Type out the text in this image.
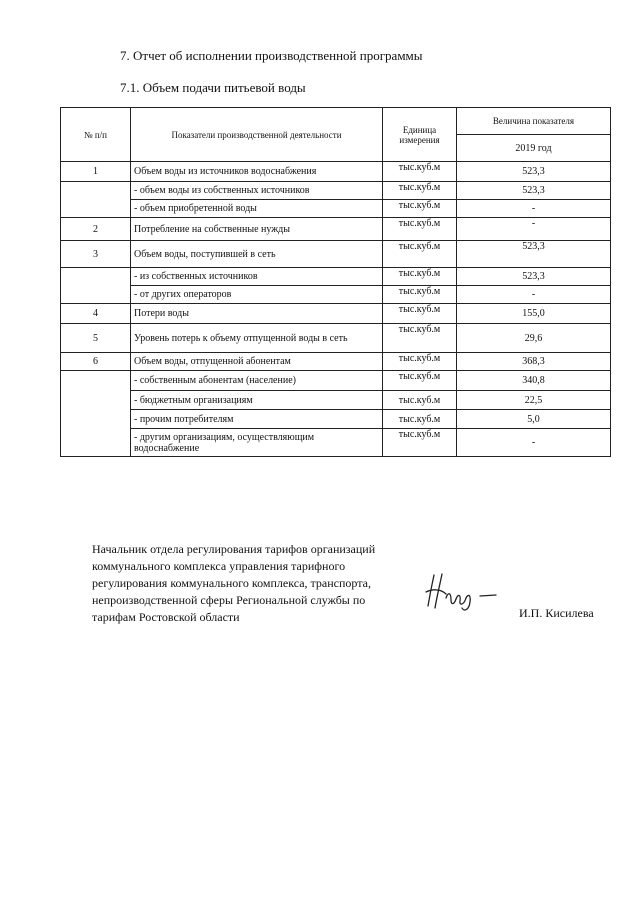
7. Отчет об исполнении производственной программы
7.1. Объем подачи питьевой воды
№ п/п	Показатели производственной деятельности	Единица измерения	Величина показателя
			2019 год
1	Объем воды из источников водоснабжения	тыс.куб.м	523,3
	- объем воды из собственных источников	тыс.куб.м	523,3
	- объем приобретенной воды	тыс.куб.м	-
2	Потребление на собственные нужды	тыс.куб.м	-
3	Объем воды, поступившей в сеть	тыс.куб.м	523,3
	- из собственных источников	тыс.куб.м	523,3
	- от других операторов	тыс.куб.м	-
4	Потери воды	тыс.куб.м	155,0
5	Уровень потерь к объему отпущенной воды в сеть	тыс.куб.м	29,6
6	Объем воды, отпущенной абонентам	тыс.куб.м	368,3
	- собственным абонентам (население)	тыс.куб.м	340,8
	- бюджетным организациям	тыс.куб.м	22,5
	- прочим потребителям	тыс.куб.м	5,0
	- другим организациям, осуществляющим водоснабжение	тыс.куб.м	-
Начальник отдела регулирования тарифов организаций коммунального комплекса управления тарифного регулирования коммунального комплекса, транспорта, непроизводственной сферы Региональной службы по тарифам Ростовской области	И.П. Кисилева
